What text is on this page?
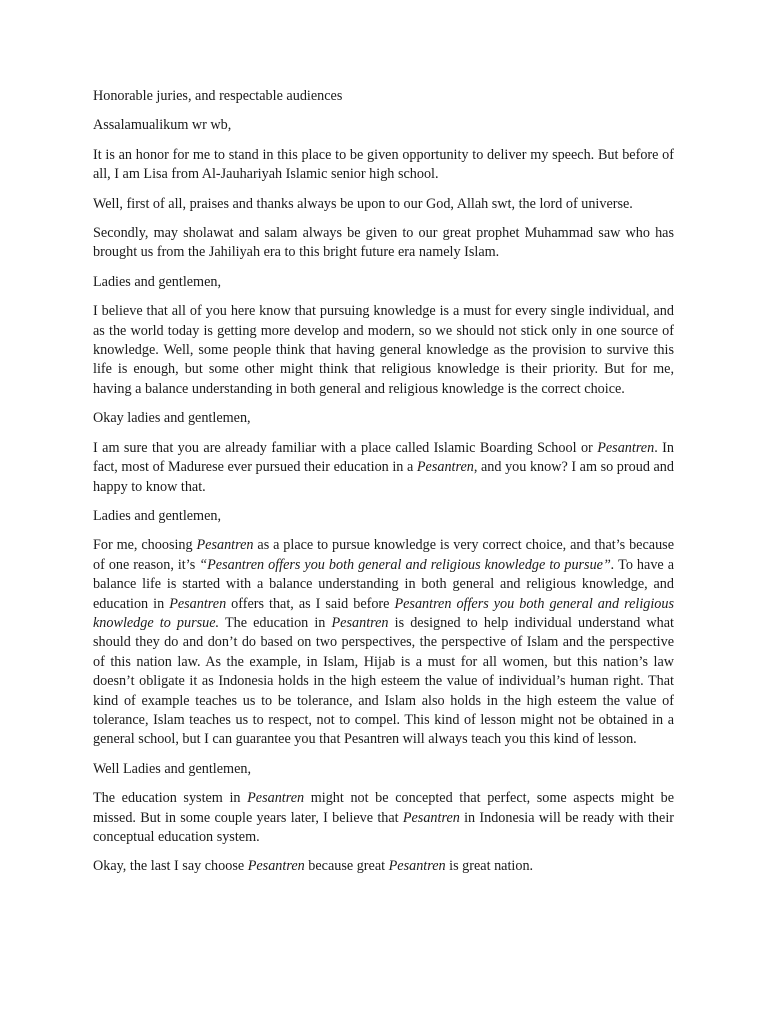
Honorable juries, and respectable audiences

Assalamualikum wr wb,

It is an honor for me to stand in this place to be given opportunity to deliver my speech. But before of all, I am Lisa from Al-Jauhariyah Islamic senior high school.

Well, first of all, praises and thanks always be upon to our God, Allah swt, the lord of universe.

Secondly, may sholawat and salam always be given to our great prophet Muhammad saw who has brought us from the Jahiliyah era to this bright future era namely Islam.

Ladies and gentlemen,

I believe that all of you here know that pursuing knowledge is a must for every single individual, and as the world today is getting more develop and modern, so we should not stick only in one source of knowledge. Well, some people think that having general knowledge as the provision to survive this life is enough, but some other might think that religious knowledge is their priority. But for me, having a balance understanding in both general and religious knowledge is the correct choice.

Okay ladies and gentlemen,

I am sure that you are already familiar with a place called Islamic Boarding School or Pesantren. In fact, most of Madurese ever pursued their education in a Pesantren, and you know? I am so proud and happy to know that.

Ladies and gentlemen,

For me, choosing Pesantren as a place to pursue knowledge is very correct choice, and that’s because of one reason, it’s “Pesantren offers you both general and religious knowledge to pursue”. To have a balance life is started with a balance understanding in both general and religious knowledge, and education in Pesantren offers that, as I said before Pesantren offers you both general and religious knowledge to pursue. The education in Pesantren is designed to help individual understand what should they do and don’t do based on two perspectives, the perspective of Islam and the perspective of this nation law. As the example, in Islam, Hijab is a must for all women, but this nation’s law doesn’t obligate it as Indonesia holds in the high esteem the value of individual’s human right. That kind of example teaches us to be tolerance, and Islam also holds in the high esteem the value of tolerance, Islam teaches us to respect, not to compel. This kind of lesson might not be obtained in a general school, but I can guarantee you that Pesantren will always teach you this kind of lesson.

Well Ladies and gentlemen,

The education system in Pesantren might not be concepted that perfect, some aspects might be missed. But in some couple years later, I believe that Pesantren in Indonesia will be ready with their conceptual education system.

Okay, the last I say choose Pesantren because great Pesantren is great nation.
